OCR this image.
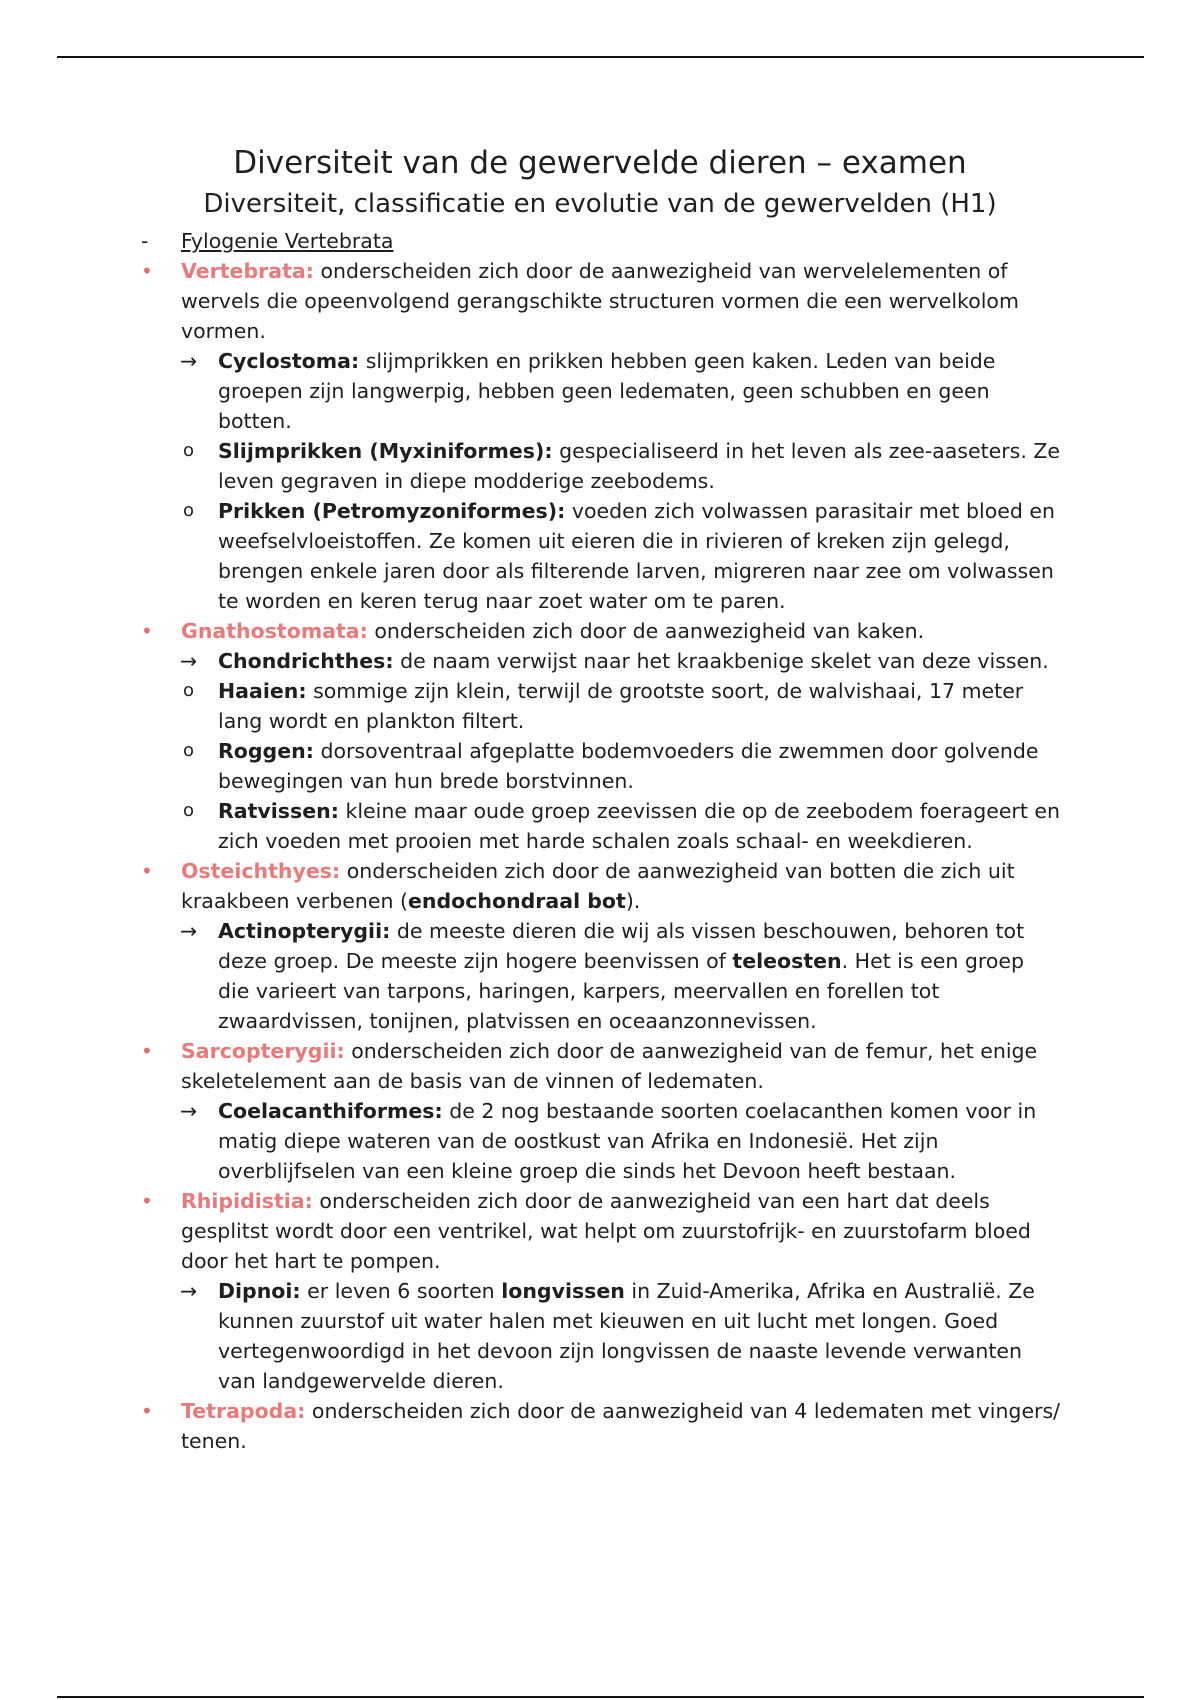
Diversiteit van de gewervelde dieren – examen
Diversiteit, classificatie en evolutie van de gewervelden (H1)
-	Fylogenie Vertebrata
•	Vertebrata: onderscheiden zich door de aanwezigheid van wervelelementen of wervels die opeenvolgend gerangschikte structuren vormen die een wervelkolom vormen.
→	Cyclostoma: slijmprikken en prikken hebben geen kaken. Leden van beide groepen zijn langwerpig, hebben geen ledematen, geen schubben en geen botten.
o	Slijmprikken (Myxiniformes): gespecialiseerd in het leven als zee-aaseters. Ze leven gegraven in diepe modderige zeebodems.
o	Prikken (Petromyzoniformes): voeden zich volwassen parasitair met bloed en weefselvloeistoffen. Ze komen uit eieren die in rivieren of kreken zijn gelegd, brengen enkele jaren door als filterende larven, migreren naar zee om volwassen te worden en keren terug naar zoet water om te paren.
•	Gnathostomata: onderscheiden zich door de aanwezigheid van kaken.
→	Chondrichthes: de naam verwijst naar het kraakbenige skelet van deze vissen.
o	Haaien: sommige zijn klein, terwijl de grootste soort, de walvishaai, 17 meter lang wordt en plankton filtert.
o	Roggen: dorsoventraal afgeplatte bodemvoeders die zwemmen door golvende bewegingen van hun brede borstvinnen.
o	Ratvissen: kleine maar oude groep zeevissen die op de zeebodem foerageert en zich voeden met prooien met harde schalen zoals schaal- en weekdieren.
•	Osteichthyes: onderscheiden zich door de aanwezigheid van botten die zich uit kraakbeen verbenen (endochondraal bot).
→	Actinopterygii: de meeste dieren die wij als vissen beschouwen, behoren tot deze groep. De meeste zijn hogere beenvissen of teleosten. Het is een groep die varieert van tarpons, haringen, karpers, meervallen en forellen tot zwaardvissen, tonijnen, platvissen en oceaanzonnevissen.
•	Sarcopterygii: onderscheiden zich door de aanwezigheid van de femur, het enige skeletelement aan de basis van de vinnen of ledematen.
→	Coelacanthiformes: de 2 nog bestaande soorten coelacanthen komen voor in matig diepe wateren van de oostkust van Afrika en Indonesië. Het zijn overblijfselen van een kleine groep die sinds het Devoon heeft bestaan.
•	Rhipidistia: onderscheiden zich door de aanwezigheid van een hart dat deels gesplitst wordt door een ventrikel, wat helpt om zuurstofrijk- en zuurstofarm bloed door het hart te pompen.
→	Dipnoi: er leven 6 soorten longvissen in Zuid-Amerika, Afrika en Australië. Ze kunnen zuurstof uit water halen met kieuwen en uit lucht met longen. Goed vertegenwoordigd in het devoon zijn longvissen de naaste levende verwanten van landgewervelde dieren.
•	Tetrapoda: onderscheiden zich door de aanwezigheid van 4 ledematen met vingers/ tenen.
